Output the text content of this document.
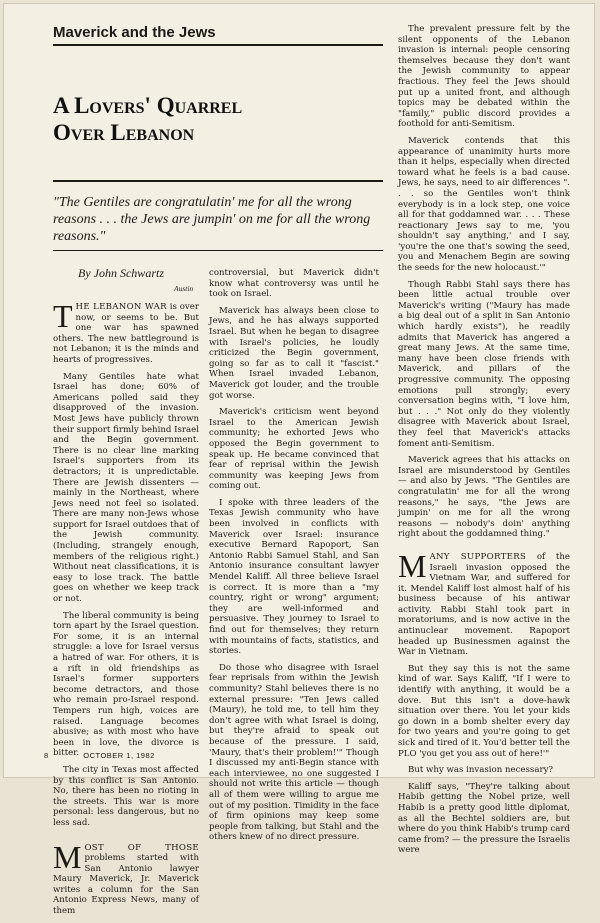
Maverick and the Jews
A Lovers' Quarrel
Over Lebanon
"The Gentiles are congratulatin' me for all the wrong reasons . . . the Jews are jumpin' on me for all the wrong reasons."
By John Schwartz
Austin

THE LEBANON WAR is over now, or seems to be. But one war has spawned others. The new battleground is not Lebanon; it is the minds and hearts of progressives.

Many Gentiles hate what Israel has done; 60% of Americans polled said they disapproved of the invasion. Most Jews have publicly thrown their support firmly behind Israel and the Begin government. There is no clear line marking Israel's supporters from its detractors; it is unpredictable. There are Jewish dissenters — mainly in the Northeast, where Jews need not feel so isolated. There are many non-Jews whose support for Israel outdoes that of the Jewish community. (Including, strangely enough, members of the religious right.) Without neat classifications, it is easy to lose track. The battle goes on whether we keep track or not.

The liberal community is being torn apart by the Israel question. For some, it is an internal struggle: a love for Israel versus a hatred of war. For others, it is a rift in old friendships as Israel's former supporters become detractors, and those who remain pro-Israel respond. Tempers run high, voices are raised. Language becomes abusive; as with most who have been in love, the divorce is bitter.

The city in Texas most affected by this conflict is San Antonio. No, there has been no rioting in the streets. This war is more personal: less dangerous, but no less sad.

MOST OF THOSE problems started with San Antonio lawyer Maury Maverick, Jr. Maverick writes a column for the San Antonio Express News, many of them

controversial, but Maverick didn't know what controversy was until he took on Israel.

Maverick has always been close to Jews, and he has always supported Israel. But when he began to disagree with Israel's policies, he loudly criticized the Begin government, going so far as to call it "fascist." When Israel invaded Lebanon, Maverick got louder, and the trouble got worse.

Maverick's criticism went beyond Israel to the American Jewish community; he exhorted Jews who opposed the Begin government to speak up. He became convinced that fear of reprisal within the Jewish community was keeping Jews from coming out.

I spoke with three leaders of the Texas Jewish community who have been involved in conflicts with Maverick over Israel: insurance executive Bernard Rapoport, San Antonio Rabbi Samuel Stahl, and San Antonio insurance consultant lawyer Mendel Kaliff. All three believe Israel is correct. It is more than a "my country, right or wrong" argument; they are well-informed and persuasive. They journey to Israel to find out for themselves; they return with mountains of facts, statistics, and stories.

Do those who disagree with Israel fear reprisals from within the Jewish community? Stahl believes there is no external pressure: "Ten Jews called (Maury), he told me, to tell him they don't agree with what Israel is doing, but they're afraid to speak out because of the pressure. I said, 'Maury, that's their problem!'" Though I discussed my anti-Begin stance with each interviewee, no one suggested I should not write this article — though all of them were willing to argue me out of my position. Timidity in the face of firm opinions may keep some people from talking, but Stahl and the others knew of no direct pressure.

The prevalent pressure felt by the silent opponents of the Lebanon invasion is internal: people censoring themselves because they don't want the Jewish community to appear fractious. They feel the Jews should put up a united front, and although topics may be debated within the "family," public discord provides a foothold for anti-Semitism.

Maverick contends that this appearance of unanimity hurts more than it helps, especially when directed toward what he feels is a bad cause. Jews, he says, need to air differences ". . . so the Gentiles won't think everybody is in a lock step, one voice all for that goddamned war. . . . These reactionary Jews say to me, 'you shouldn't say anything,' and I say, 'you're the one that's sowing the seed, you and Menachem Begin are sowing the seeds for the new holocaust.'"

Though Rabbi Stahl says there has been little actual trouble over Maverick's writing ("Maury has made a big deal out of a split in San Antonio which hardly exists"), he readily admits that Maverick has angered a great many Jews. At the same time, many have been close friends with Maverick, and pillars of the progressive community. The opposing emotions pull strongly; every conversation begins with, "I love him, but . . ." Not only do they violently disagree with Maverick about Israel, they feel that Maverick's attacks foment anti-Semitism.

Maverick agrees that his attacks on Israel are misunderstood by Gentiles — and also by Jews. "The Gentiles are congratulatin' me for all the wrong reasons," he says, "the Jews are jumpin' on me for all the wrong reasons — nobody's doin' anything right about the goddamned thing."

MANY SUPPORTERS of the Israeli invasion opposed the Vietnam War, and suffered for it. Mendel Kaliff lost almost half of his business because of his antiwar activity. Rabbi Stahl took part in moratoriums, and is now active in the antinuclear movement. Rapoport headed up Businessmen against the War in Vietnam.

But they say this is not the same kind of war. Says Kaliff, "If I were to identify with anything, it would be a dove. But this isn't a dove-hawk situation over there. You let your kids go down in a bomb shelter every day for two years and you're going to get sick and tired of it. You'd better tell the PLO 'you get you ass out of here!'"

But why was invasion necessary?

Kaliff says, "They're talking about Habib getting the Nobel prize, well Habib is a pretty good little diplomat, as all the Bechtel soldiers are, but where do you think Habib's trump card came from? — the pressure the Israelis were

8	OCTOBER 1, 1982
